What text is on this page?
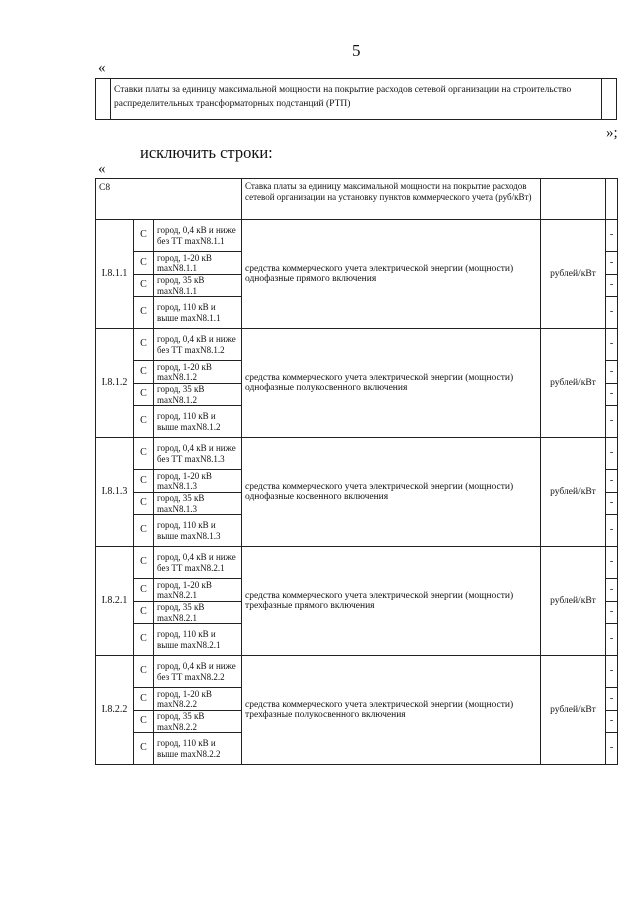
5
«
Ставки платы за единицу максимальной мощности на покрытие расходов сетевой организации на строительство распределительных трансформаторных подстанций (РТП)
»;
исключить строки:
«
С8			Ставка платы за единицу максимальной мощности на покрытие расходов сетевой организации на установку пунктов коммерческого учета (руб/кВт)		
I.8.1.1	С	город, 0,4 кВ и ниже без ТТ maxN8.1.1	средства коммерческого учета электрической энергии (мощности) однофазные прямого включения	рублей/кВт	-
	С	город, 1-20 кВ maxN8.1.1			-
	С	город, 35 кВ maxN8.1.1			-
	С	город, 110 кВ и выше maxN8.1.1			-
I.8.1.2	С	город, 0,4 кВ и ниже без ТТ maxN8.1.2	средства коммерческого учета электрической энергии (мощности) однофазные полукосвенного включения	рублей/кВт	-
	С	город, 1-20 кВ maxN8.1.2			-
	С	город, 35 кВ maxN8.1.2			-
	С	город, 110 кВ и выше maxN8.1.2			-
I.8.1.3	С	город, 0,4 кВ и ниже без ТТ maxN8.1.3	средства коммерческого учета электрической энергии (мощности) однофазные косвенного включения	рублей/кВт	-
	С	город, 1-20 кВ maxN8.1.3			-
	С	город, 35 кВ maxN8.1.3			-
	С	город, 110 кВ и выше maxN8.1.3			-
I.8.2.1	С	город, 0,4 кВ и ниже без ТТ maxN8.2.1	средства коммерческого учета электрической энергии (мощности) трехфазные прямого включения	рублей/кВт	-
	С	город, 1-20 кВ maxN8.2.1			-
	С	город, 35 кВ maxN8.2.1			-
	С	город, 110 кВ и выше maxN8.2.1			-
I.8.2.2	С	город, 0,4 кВ и ниже без ТТ maxN8.2.2	средства коммерческого учета электрической энергии (мощности) трехфазные полукосвенного включения	рублей/кВт	-
	С	город, 1-20 кВ maxN8.2.2			-
	С	город, 35 кВ maxN8.2.2			-
	С	город, 110 кВ и выше maxN8.2.2			-
